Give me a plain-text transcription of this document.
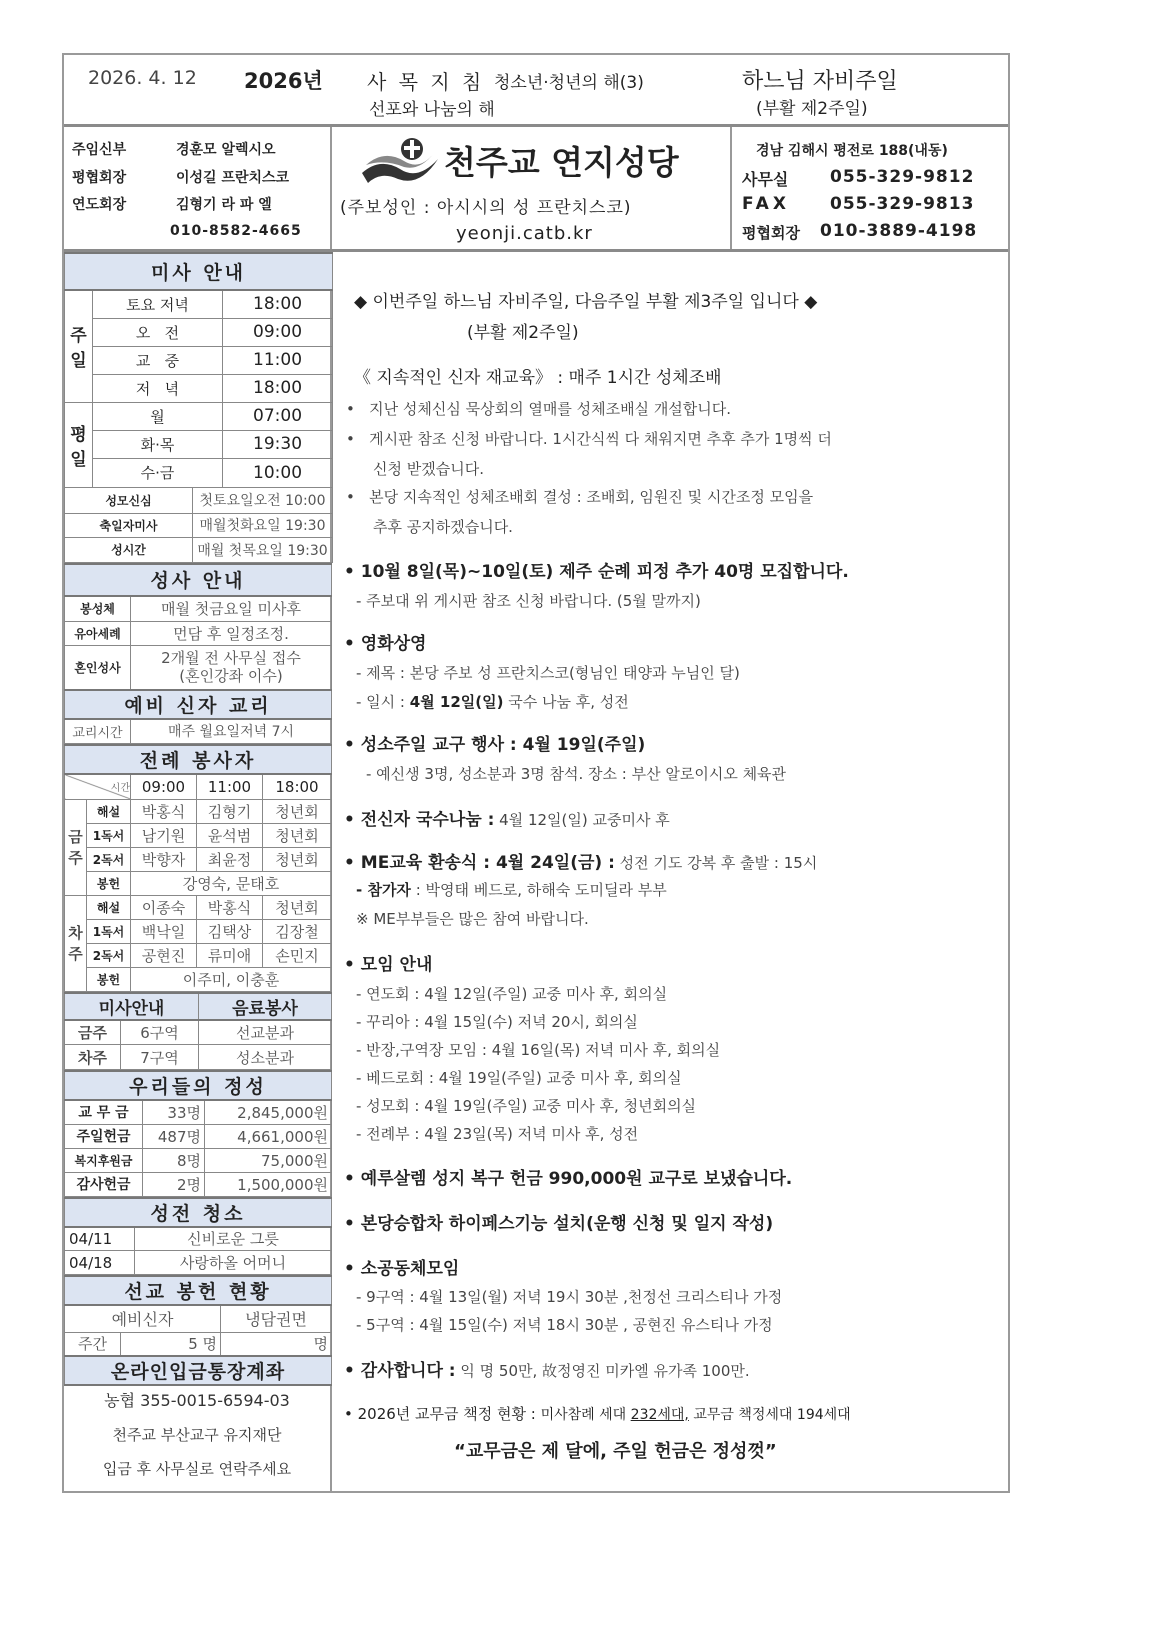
2026. 4. 12 2026년 사 목 지 침 청소년·청년의 해(3)
선포와 나눔의 해
하느님 자비주일
(부활 제2주일)
주임신부	경훈모 알렉시오
평협회장	이성길 프란치스코
연도회장	김형기 라 파 엘
010-8582-4665
천주교 연지성당
(주보성인 : 아시시의 성 프란치스코)
yeonji.catb.kr
경남 김해시 평전로 188(내동)
사무실 055-329-9812
FAX 055-329-9813
평협회장 010-3889-4198
미사 안내			
주일	토요 저녁		18:00
	오   전		09:00
	교   중		11:00
	저   녁		18:00
평일	월		07:00
	화·목		19:30
	수·금		10:00
성모신심		첫토요일오전 10:00	
축일자미사		매월첫화요일 19:30	
성시간		매월 첫목요일 19:30	
성사 안내	
봉성체	매월 첫금요일 미사후
유아세례	먼담 후 일정조정.
혼인성사	2개월 전 사무실 접수
(혼인강좌 이수)

예비 신자 교리	
교리시간	매주 월요일저녁 7시
전례 봉사자				
시간		09:00	11:00	18:00
금주	해설	박홍식	김형기	청년회
	1독서	남기원	윤석범	청년회
	2독서	박향자	최윤정	청년회
	봉헌	강영숙, 문태호		
차주	해설	이종숙	박홍식	청년회
	1독서	백낙일	김택상	김장철
	2독서	공현진	류미애	손민지
	봉헌	이주미, 이충훈		
미사안내		음료봉사
금주	6구역	선교분과
차주	7구역	성소분과
우리들의 정성		
교 무 금	33명	2,845,000원
주일헌금	487명	4,661,000원
복지후원금	8명	75,000원
감사헌금	2명	1,500,000원
성전 청소	
04/11	신비로운 그릇
04/18	사랑하올 어머니
선교 봉헌 현황		
예비신자		냉담권면
주간	5 명	명
온라인입금통장계좌		
농협 355-0015-6594-03
천주교 부산교구 유지재단
입금 후 사무실로 연락주세요
◆ 이번주일 하느님 자비주일, 다음주일 부활 제3주일 입니다 ◆
(부활 제2주일)
《 지속적인 신자 재교육》 : 매주 1시간 성체조배
•   지난 성체신심 묵상회의 열매를 성체조배실 개설합니다.
•   게시판 참조 신청 바랍니다. 1시간식씩 다 채워지면 추후 추가 1명씩 더
신청 받겠습니다.
•   본당 지속적인 성체조배회 결성 : 조배회, 임원진 및 시간조정 모임을
추후 공지하겠습니다.
• 10월 8일(목)~10일(토) 제주 순례 피정 추가 40명 모집합니다.
- 주보대 위 게시판 참조 신청 바랍니다. (5월 말까지)
• 영화상영
- 제목 : 본당 주보 성 프란치스코(형님인 태양과 누님인 달)
- 일시 : 4월 12일(일) 국수 나눔 후, 성전
• 성소주일 교구 행사 : 4월 19일(주일)
- 예신생 3명, 성소분과 3명 참석. 장소 : 부산 알로이시오 체육관
• 전신자 국수나눔 : 4월 12일(일) 교중미사 후
• ME교육 환송식 : 4월 24일(금) : 성전 기도 강복 후 출발 : 15시
- 참가자 : 박영태 베드로, 하해숙 도미딜라 부부
※ ME부부들은 많은 참여 바랍니다.
• 모임 안내
- 연도회 : 4월 12일(주일) 교중 미사 후, 회의실
- 꾸리아 : 4월 15일(수) 저녁 20시, 회의실
- 반장,구역장 모임 : 4월 16일(목) 저녁 미사 후, 회의실
- 베드로회 : 4월 19일(주일) 교중 미사 후, 회의실
- 성모회 : 4월 19일(주일) 교중 미사 후, 청년회의실
- 전례부 : 4월 23일(목) 저녁 미사 후, 성전
• 예루살렘 성지 복구 헌금 990,000원 교구로 보냈습니다.
• 본당승합차 하이페스기능 설치(운행 신청 및 일지 작성)
• 소공동체모임
- 9구역 : 4월 13일(월) 저녁 19시 30분 ,천정선 크리스티나 가정
- 5구역 : 4월 15일(수) 저녁 18시 30분 , 공현진 유스티나 가정
• 감사합니다 : 익 명 50만, 故정영진 미카엘 유가족 100만.
• 2026년 교무금 책정 현황 : 미사참례 세대 232세대, 교무금 책정세대 194세대
“교무금은 제 달에, 주일 헌금은 정성껏”
